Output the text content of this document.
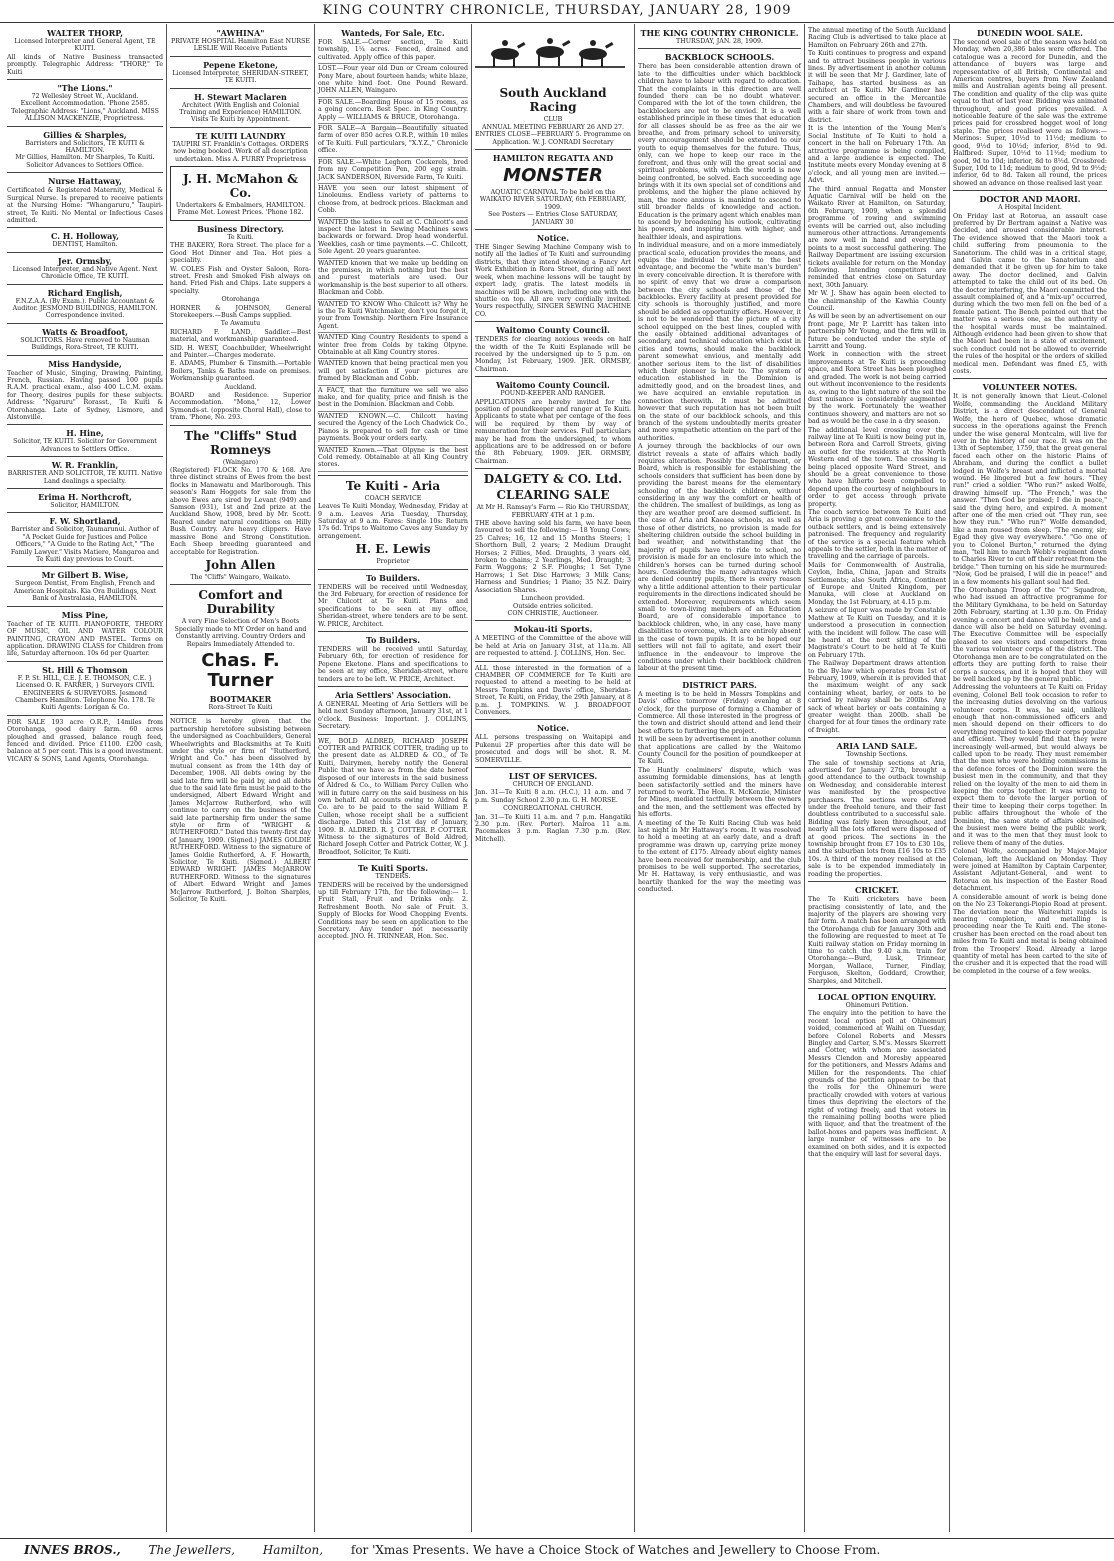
KING COUNTRY CHRONICLE, THURSDAY, JANUARY 28, 1909
WALTER THORP,
Licensed Interpreter and General Agent, TE KUITI.
All kinds of Native Business transacted promptly. Telegraphic Address: "THORP," Te Kuiti
"The Lions."
72 Wellesley Street W., Auckland.
Excellent Accommodation. 'Phone 2585. Telegraphic Address: "Lions," Auckland. MISS ALLISON MACKENZIE, Proprietress.
Gillies & Sharples,
Barristers and Solicitors, TE KUITI & HAMILTON.
Mr Gillies, Hamilton. Mr Sharples, Te Kuiti. Solicitor Advances to Settlers Office.
Nurse Hattaway,
Certificated & Registered Maternity, Medical & Surgical Nurse. Is prepared to receive patients at the Nursing Home: "Whangaruru," Taupiri-street, Te Kuiti. No Mental or Infectious Cases admitted.
C. H. Holloway,
DENTIST, Hamilton.
Jer. Ormsby,
Licensed Interpreter, and Native Agent. Next Chronicle Office, TE KUITI.
Richard English,
F.N.Z.A.A. (By Exam.). Public Accountant & Auditor. JESMOND BUILDINGS, HAMILTON. Correspondence invited.
Watts & Broadfoot,
SOLICITORS. Have removed to Nauman Buildings, Rora-Street, TE KUITI.
Miss Handyside,
Teacher of Music, Singing, Drawing, Painting, French, Russian. Having passed 100 pupils R.A.M. practical exam., also 400 L.C.M. exam. for Theory, desires pupils for these subjects. Address: "Ngaruru" Rorasst., Te Kuiti & Otorohanga. Late of Sydney, Lismore, and Alstonville.
H. Hine,
Solicitor, TE KUITI. Solicitor for Government Advances to Settlers Office.
W. R. Franklin,
BARRISTER AND SOLICITOR, TE KUITI. Native Land dealings a specialty.
Erima H. Northcroft,
Solicitor, HAMILTON.
F. W. Shortland,
Barrister and Solicitor, Taumarunui. Author of "A Pocket Guide for Justices and Police Officers," "A Guide to the Rating Act," "The Family Lawyer." Visits Matiere, Mangaroa and Te Kuiti day previous to Court.
Mr Gilbert B. Wise,
Surgeon Dentist, From English, French and American Hospitals. Kia Ora Buildings, Next Bank of Australasia, HAMILTON.
Miss Pine,
Teacher of TE KUITI. PIANOFORTE, THEORY OF MUSIC, OIL AND WATER COLOUR PAINTING, CRAYON AND PASTEL. Terms on application. DRAWING CLASS for Children from life, Saturday afternoon. 10s 6d per Quarter.
St. Hill & Thomson
F. P. St. HILL, C.E. J. E. THOMSON, C.E. } Licensed O. R. FARRER, } Surveyors CIVIL ENGINEERS & SURVEYORS. Jesmond Chambers Hamilton. Telephone No. 178. Te Kuiti Agents: Lorigan & Co.
FOR SALE 193 acre O.R.P., 14miles from Otorohanga, good dairy farm. 60 acres ploughed and grassed, balance rough feed, fenced and divided. Price £1100. £200 cash, balance at 5 per cent. This is a good investment. VICARY & SONS, Land Agents, Otorohanga.
"AWHINA"
PRIVATE HOSPITAL Hamilton East NURSE LESLIE Will Receive Patients
Pepene Eketone,
Licensed Interpreter, SHERIDAN-STREET, TE KUITI.
H. Stewart Maclaren
Architect (With English and Colonial Training and Experience) HAMILTON. Visits Te Kuiti by Appointment.
TE KUITI LAUNDRY
TAUPIRI ST. Franklin's Cottages. ORDERS now being booked. Work of all description undertaken. Miss A. FURRY Proprietress
J. H. McMahon & Co.
Undertakers & Embalmers, HAMILTON. Frame Met. Lowest Prices. 'Phone 182.
Business Directory.
Te Kuiti.
THE BAKERY, Rora Street. The place for a Good Hot Dinner and Tea. Hot pies a speciality.
W. COLES Fish and Oyster Saloon, Rora-street. Fresh and Smoked Fish always on hand. Fried Fish and Chips. Late suppers a specialty.
Otorohanga
HORNER & JOHNSON, General Storekeepers.—Bush Camps supplied.
Te Awamutu
RICHARD F. LAND, Saddler.—Best material, and workmanship guaranteed.
SID. H. WEST, Coachbuilder, Wheelwright and Painter.—Charges moderate.
E. ADAMS, Plumber & Tinsmith.—Portable Boilers, Tanks & Baths made on premises. Workmanship guaranteed.
Auckland.
BOARD and Residence. Superior Accommodation. "Mona," 12, Lower Symonds-st. (opposite Choral Hall), close to tram. 'Phone, No. 293.
The "Cliffs" Stud Romneys
(Waingaro)
(Registered) FLOCK No. 170 & 168. Are three distinct strains of Ewes from the best flocks in Manawatu and Marlborough. This season's Ram Hoggets for sale from the above Ewes are sired by Levant (949) and Samson (931), 1st and 2nd prize at the Auckland Show, 1908, bred by Mr. Scott. Reared under natural conditions on Hilly Bush Country. Are heavy clippers. Have massive Bone and Strong Constitution. Each Sheep breeding guaranteed and acceptable for Registration.
John Allen
The "Cliffs" Waingaro, Waikato.
Comfort and Durability
A very Fine Selection of Men's Boots Specially made to MY Order on hand and Constantly arriving. Country Orders and Repairs Immediately Attended to.
Chas. F. Turner
BOOTMAKER
Rora-Street Te Kuiti
NOTICE is hereby given that the partnership heretofore subsisting between the undersigned as Coachbuilders, General Wheelwrights and Blacksmiths at Te Kuiti under the style or firm of "Rutherford, Wright and Co." has been dissolved by mutual consent as from the 14th day of December, 1908. All debts owing by the said late firm will be paid by, and all debts due to the said late firm must be paid to the undersigned, Albert Edward Wright and James McJarrow Rutherford, who will continue to carry on the business of the said late partnership firm under the same style or firm of "WRIGHT & RUTHERFORD." Dated this twenty-first day of January, 1909. (Signed.) JAMES GOLDIE RUTHERFORD. Witness to the signature of James Goldie Rutherford, A. F. Howarth, Solicitor, Te Kuiti. (Signed.) ALBERT EDWARD WRIGHT. JAMES McJARROW RUTHERFORD. Witness to the signatures of Albert Edward Wright and James McJarrow Rutherford, J. Bolton Sharples, Solicitor, Te Kuiti.
Wanteds, For Sale, Etc.
FOR SALE.—Corner section, Te Kuiti township, 1¼ acres. Fenced, drained and cultivated. Apply office of this paper.
LOST.—Four year old Dun or Cream coloured Pony Mare, about fourteen hands; white blaze, one white hind foot. One Pound Reward. JOHN ALLEN, Waingaro.
FOR SALE.—Boarding House of 15 rooms, as a going concern. Best Spec. in King Country. Apply — WILLIAMS & BRUCE, Otorohanga.
FOR SALE—A Bargain—Beautifully situated farm of over 850 acres O.R.P., within 10 miles of Te Kuiti. Full particulars, "X.Y.Z.," Chronicle office.
FOR SALE.—White Leghorn Cockerels, bred from my Competition Pen, 200 egg strain. JACK SANDERSON, Riverside Farm, Te Kuiti.
HAVE you seen our latest shipment of Linoleums. Endless variety of patterns to choose from, at bedrock prices. Blackman and Cobb.
WANTED the ladies to call at C. Chilcott's and inspect the latest in Sewing Machines sews backwards or forward. Drop head wonderful. Weeklies, cash or time payments.—C. Chilcott, Sole Agent. 20 years guarantee.
WANTED known that we make up bedding on the premises, in which nothing but the best and purest materials are used. Our workmanship is the best superior to all others. Blackman and Cobb.
WANTED TO KNOW Who Chilcott is? Why he is the Te Kuiti Watchmaker, don't you forget it, your from Township. Northern Fire Insurance Agent.
WANTED King Country Residents to spend a winter free from Colds by taking Olpyne. Obtainable at all King Country stores.
WANTED known that being practical men you will get satisfaction if your pictures are framed by Blackman and Cobb.
A FACT, that the furniture we sell we also make, and for quality, price and finish is the best in the Dominion. Blackman and Cobb.
WANTED KNOWN.—C. Chilcott having secured the Agency of the Loch Chadwick Co., Pianos is prepared to sell for cash or time payments. Book your orders early.
WANTED Known.—That Olpyne is the best Cold remedy. Obtainable at all King Country stores.
Te Kuiti - Aria
COACH SERVICE
Leaves Te Kuiti Monday, Wednesday, Friday at 9 a.m. Leaves Aria Tuesday, Thursday, Saturday at 9 a.m. Fares: Single 10s: Return 17s 6d. Trips to Waitomo Caves any Sunday by arrangement.
H. E. Lewis
Proprietor
To Builders.
TENDERS will be received until Wednesday, the 3rd February, for erection of residence for Mr Chilcott at Te Kuiti. Plans and specifications to be seen at my office, Sheridan-street, where tenders are to be sent. W. PRICE, Architect.
To Builders.
TENDERS will be received until Saturday, February 6th, for erection of residence for Pepene Eketone. Plans and specifications to be seen at my office, Sheridan-street, where tenders are to be left. W. PRICE, Architect.
Aria Settlers' Association.
A GENERAL Meeting of Aria Settlers will be held next Sunday afternoon, January 31st, at 1 o'clock. Business: Important. J. COLLINS, Secretary.
WE, BOLD ALDRED, RICHARD JOSEPH COTTER and PATRICK COTTER, trading up to the present date as ALDRED & CO., of Te Kuiti, Dairymen, hereby notify the General Public that we have as from the date hereof disposed of our interests in the said business of Aldred & Co., to William Percy Cullen who will in future carry on the said business on his own behalf. All accounts owing to Aldred & Co. are to be paid to the said William P. Cullen, whose receipt shall be a sufficient discharge. Dated this 21st day of January, 1909. B. ALDRED. R. J. COTTER. P. COTTER. Witness to the signatures of Bold Aldred, Richard Joseph Cotter and Patrick Cotter, W. J. Broadfoot, Solicitor, Te Kuiti.
Te Kuiti Sports.
TENDERS.
TENDERS will be received by the undersigned up till February 17th, for the following:— 1. Fruit Stall, Fruit and Drinks only. 2. Refreshment Booth. No sale of Fruit. 3. Supply of Blocks for Wood Chopping Events. Conditions may be seen on application to the Secretary. Any tender not necessarily accepted. JNO. H. TRINNEAR, Hon. Sec.
South Auckland Racing
CLUB
ANNUAL MEETING FEBRUARY 26 AND 27. ENTRIES CLOSE—FEBRUARY 5. Programme on Application. W. J. CONRADI Secretary
HAMILTON REGATTA AND
MONSTER
AQUATIC CARNIVAL To be held on the WAIKATO RIVER SATURDAY, 6th FEBRUARY, 1909.
See Posters — Entries Close SATURDAY, JANUARY 30
Notice.
THE Singer Sewing Machine Company wish to notify all the ladies of Te Kuiti and surrounding districts, that they intend showing a Fancy Art Work Exhibition in Rora Street, during all next week, when machine lessons will be taught by expert lady, gratis. The latest models in machines will be shown, including one with the shuttle on top. All are very cordially invited. Yours respectfully, SINGER SEWING MACHINE CO.
Waitomo County Council.
TENDERS for clearing noxious weeds on half the width of the Te Kuiti Esplanade will be received by the undersigned up to 5 p.m. on Monday, 1st February, 1909. JER. ORMSBY, Chairman.
Waitomo County Council.
POUND-KEEPER AND RANGER.
APPLICATIONS are hereby invited for the position of poundkeeper and ranger at Te Kuiti. Applicants to state what per centage of the fees will be required by them by way of remuneration for their services. Full particulars may be had from the undersigned, to whom applications are to be addressed on or before the 8th February, 1909. JER. ORMSBY, Chairman.
DALGETY & CO. Ltd.
CLEARING SALE
At Mr H. Ramsay's Farm — Rio Kio THURSDAY, FEBRUARY 4TH at 1 p.m.
THE above having sold his farm, we have been favoured to sell the following:— 18 Young Cows; 25 Calves; 16, 12 and 15 Months Steers; 1 Shorthorn Bull, 2 years; 2 Medium Draught Horses; 2 Fillies, Med. Draughts, 3 years old, broken to chains; 2 Yearlings, Med. Draught; 3 Farm Waggons; 2 S.F. Ploughs; 1 Set Tyne Harrows; 1 Set Disc Harrows; 3 Milk Cans; Harness and Sundries; 1 Piano; 35 N.Z. Dairy Association Shares.
Luncheon provided.
Outside entries solicited.
CON CHRISTIE, Auctioneer.
Mokau-iti Sports.
A MEETING of the Committee of the above will be held at Aria on January 31st, at 11a.m. All are requested to attend. J. COLLINS, Hon. Sec.
ALL those interested in the formation of a CHAMBER OF COMMERCE for Te Kuiti are requested to attend a meeting to be held at Messrs Tompkins and Davis' office, Sheridan-Street, Te Kuiti, on Friday, the 29th January, at 8 p.m. J. TOMPKINS. W. J. BROADFOOT Conveners.
Notice.
ALL persons trespassing on Waitapipi and Pukenui 2F properties after this date will be prosecuted and dogs will be shot. R. M. SOMERVILLE.
LIST OF SERVICES.
CHURCH OF ENGLAND.
Jan. 31—Te Kuiti 8 a.m. (H.C.), 11 a.m. and 7 p.m. Sunday School 2.30 p.m. G. H. MORSE.
CONGREGATIONAL CHURCH.
Jan. 31—Te Kuiti 11 a.m. and 7 p.m. Hangatiki 2.30 p.m. (Rev. Porter). Mairoa 11 a.m. Pacemakes 3 p.m. Raglan 7.30 p.m. (Rev. Mitchell).
THE KING COUNTRY CHRONICLE.
THURSDAY, JAN. 28, 1909.
BACKBLOCK SCHOOLS.
There has been considerable attention drawn of late to the difficulties under which backblock children have to labour with regard to education. That the complaints in this direction are well founded there can be no doubt whatever. Compared with the lot of the town children, the backblockers are not to be envied. It is a well established principle in these times that education for all classes should be as free as the air we breathe, and from primary school to university, every encouragement should be extended to our youth to equip themselves for the future. Thus, only, can we hope to keep our race in the forefront, and thus only will the great social and spiritual problems, with which the world is now being confronted, be solved. Each succeeding age brings with it its own special set of conditions and problems, and the higher the plane achieved by man, the more anxious is mankind to ascend to still broader fields of knowledge and action. Education is the primary agent which enables man to ascend by broadening his outlook, cultivating his powers, and inspiring him with higher, and healthier ideals, and aspirations.
In individual measure, and on a more immediately practical scale, education provides the means, and equips the individual to work to the best advantage, and become the "white man's burden" in every conceivable direction. It is therefore with no spirit of envy that we draw a comparison between the city schools and those of the backblocks. Every facility at present provided for city schools is thoroughly justified, and more should be added as opportunity offers. However, it is not to be wondered that the picture of a city school equipped on the best lines, coupled with the easily obtained additional advantages of secondary, and technical education which exist in cities and towns, should make the backblock parent somewhat envious, and mentally add another serious item to the list of disabilities which their pioneer is heir to. The system of education established in the Dominion is admittedly good, and on the broadest lines, and we have acquired an enviable reputation in connection therewith. It must be admitted however that such reputation has not been built on the state of our backblock schools, and this branch of the system undoubtedly merits greater and more sympathetic attention on the part of the authorities.
A journey through the backblocks of our own district reveals a state of affairs which badly requires alteration. Possibly the Department, or Board, which is responsible for establishing the schools considers that sufficient has been done by providing the barest means for the elementary schooling of the backblock children, without considering in any way the comfort or health of the children. The smallest of buildings, as long as they are weather proof are deemed sufficient. In the case of Aria and Kaeaea schools, as well as those of other districts, no provision is made for sheltering children outside the school building in bad weather, and notwithstanding that the majority of pupils have to ride to school, no provision is made for an enclosure into which the children's horses can be turned during school hours. Considering the many advantages which are denied country pupils, there is every reason why a little additional attention to their particular requirements in the directions indicated should be extended. Moreover, requirements which seem small to town-living members of an Education Board, are of considerable importance to backblock children, who, in any case, have many disabilities to overcome, which are entirely absent in the case of town pupils. It is to be hoped our settlers will not fail to agitate, and exert their influence in the endeavour to improve the conditions under which their backblock children labour at the present time.
DISTRICT PARS.
A meeting is to be held in Messrs Tompkins and Davis' office tomorrow (Friday) evening at 8 o'clock, for the purpose of forming a Chamber of Commerce. All those interested in the progress of the town and district should attend and lend their best efforts to furthering the project.
It will be seen by advertisement in another column that applications are called by the Waitomo County Council for the position of poundkeeper at Te Kuiti.
The Huntly coalminers' dispute, which was assuming formidable dimensions, has at length been satisfactorily settled and the miners have returned to work. The Hon. R. McKenzie, Minister for Mines, mediated tactfully between the owners and the men, and the settlement was effected by his efforts.
A meeting of the Te Kuiti Racing Club was held last night in Mr Hattaway's room. It was resolved to hold a meeting at an early date, and a draft programme was drawn up, carrying prize money to the extent of £175. Already about eighty names have been received for membership, and the club promises to be well supported. The secretaries, Mr H. Hattaway, is very enthusiastic, and was heartily thanked for the way the meeting was conducted.
The annual meeting of the South Auckland Racing Club is advertised to take place at Hamilton on February 26th and 27th.
Te Kuiti continues to progress and expand and to attract business people in various lines. By advertisement in another column it will be seen that Mr J. Gardiner, late of Taihape, has started business as an architect at Te Kuiti. Mr Gardiner has secured an office in the Mercantile Chambers, and will doubtless be favoured with a fair share of work from town and district.
It is the intention of the Young Men's Social Institute of Te Kuiti to hold a concert in the hall on February 17th. An attractive programme is being compiled, and a large audience is expected. The Institute meets every Monday evening at 8 o'clock, and all young men are invited.—Advt.
The third annual Regatta and Monster Aquatic Carnival will be held on the Waikato River at Hamilton, on Saturday, 6th February, 1909, when a splendid programme of rowing and swimming events will be carried out, also including numerous other attractions. Arrangements are now well in hand and everything points to a most successful gathering. The Railway Department are issuing excursion tickets available for return on the Monday following. Intending competitors are reminded that entries close on Saturday next, 30th January.
Mr W. J. Shaw has again been elected to the chairmanship of the Kawhia County Council.
As will be seen by an advertisement on our front page, Mr P. Larritt has taken into partnership Mr Young, and the firm will in future be conducted under the style of Larritt and Young.
Work in connection with the street improvements at Te Kuiti is proceeding apace, and Rora Street has been ploughed and graded. The work is not being carried out without inconvenience to the residents as, owing to the light nature of the soil the dust nuisance is considerably augmented by the work. Fortunately the weather continues showery, and matters are not so bad as would be the case in a dry season.
The additional level crossing over the railway line at Te Kuiti is now being put in, between Rora and Carroll Streets, giving an outlet for the residents at the North Western end of the town. The crossing is being placed opposite Ward Street, and should be a great convenience to those who have hitherto been compelled to depend upon the courtesy of neighbours in order to get access through private property.
The coach service between Te Kuiti and Aria is proving a great convenience to the outback settlers, and is being extensively patronised. The frequency and regularity of the service is a special feature which appeals to the settler, both in the matter of travelling and the carriage of parcels.
Mails for Commonwealth of Australia, Ceylon, India, China, Japan and Straits Settlements; also South Africa, Continent of Europe and United Kingdom, per Manuka, will close at Auckland on Monday, the 1st February, at 4.15 p.m.
A seizure of liquor was made by Constable Mathew at Te Kuiti on Tuesday, and it is understood a prosecution in connection with the incident will follow. The case will be heard at the next sitting of the Magistrate's Court to be held at Te Kuiti on February 17th.
The Railway Department draws attention to the By-law which operates from 1st of February, 1909, wherein it is provided that the maximum weight of any sack containing wheat, barley, or oats to be carried by railway shall be 200lbs. Any sack of wheat barley or oats containing a greater weight than 200lb. shall be charged for at four times the ordinary rate of freight.
ARIA LAND SALE.
Township Sections.
The sale of township sections at Aria, advertised for January 27th, brought a good attendance to the outback township on Wednesday, and considerable interest was manifested by the prospective purchasers. The sections were offered under the freehold tenure, and their fast doubtless contributed to a successful sale. Bidding was fairly keen throughout, and nearly all the lots offered were disposed of at good prices. The sections in the township brought from £7 10s to £30 10s, and the suburban lots from £16 10s to £35 10s. A third of the money realised at the sale is to be expended immediately in roading the properties.
CRICKET.
The Te Kuiti cricketers have been practising consistently of late, and the majority of the players are showing very fair form. A match has been arranged with the Otorohanga club for January 30th and the following are requested to meet at Te Kuiti railway station on Friday morning in time to catch the 9.40 a.m. train for Otorohanga:—Burd, Lusk, Trinnear, Morgan, Wallace, Turner, Findlay, Ferguson, Skelton, Goddard, Crowther, Sharples, and Mitchell.
LOCAL OPTION ENQUIRY.
Ohinemuri Petition.
The enquiry into the petition to have the recent local option poll at Ohinemuri voided, commenced at Waihi on Tuesday, before Colonel Roberts and Messrs Bingley and Carter, S.M's. Messrs Skerrett and Cotter, with whom are associated Messrs Clendon and Moresby appeared for the petitioners, and Messrs Adams and Millen for the respondents. The chief grounds of the petition appear to be that the rolls for the Ohinemuri were practically crowded with voters at various times thus depriving the electors of the right of voting freely, and that voters in the remaining polling booths were plied with liquor, and that the treatment of the ballot-boxes and papers was inefficient. A large number of witnesses are to be examined on both sides, and it is expected that the enquiry will last for several days.
DUNEDIN WOOL SALE.
The second wool sale of the season was held on Monday, when 20,386 bales were offered. The catalogue was a record for Dunedin, and the attendance of buyers was large and representative of all British, Continental and American centres, buyers from New Zealand mills and Australian agents being all present. The condition and quality of the clip was quite equal to that of last year. Bidding was animated throughout, and good prices prevailed. A noticeable feature of the sale was the extreme prices paid for crossbred hogget wool of long staple. The prices realised were as follows:—Merinos: Super, 10½d to 11½d; medium to good, 9½d to 10½d; inferior, 8½d to 9d. Halfbred: Super, 10½d to 11½d; medium to good, 9d to 10d; inferior, 8d to 8½d. Crossbred: Super, 10d to 11d; medium to good, 9d to 9½d; inferior, 6d to 8d. Taken all round, the prices showed an advance on those realised last year.
DOCTOR AND MAORI.
A Hospital Incident.
On Friday last at Rotorua, an assault case preferred by Dr Bertram against a Native was decided, and aroused considerable interest. The evidence showed that the Maori took a child suffering from pneumonia to the Sanatorium. The child was in a critical stage, and Galvin came to the Sanatorium and demanded that it be given up for him to take away. The doctor declined, and Galvin attempted to take the child out of its bed. On the doctor interfering, the Maori committed the assault complained of, and a "mix-up" occurred, during which the two men fell on the bed of a female patient. The Bench pointed out that the matter was a serious one, as the authority of the hospital wards must be maintained. Although evidence had been given to show that the Maori had been in a state of excitement, such conduct could not be allowed to override the rules of the hospital or the orders of skilled medical men. Defendant was fined £5, with costs.
VOLUNTEER NOTES.
It is not generally known that Lieut.-Colonel Wolfe, commanding the Auckland Military District, is a direct descendant of General Wolfe, the hero of Quebec, whose dramatic success in the operations against the French under the wise general Montcalm, will live for ever in the history of our race. It was on the 13th of September, 1759, that the great general faced each other on the historic Plains of Abraham, and during the conflict a bullet lodged in Wolfe's breast and inflicted a mortal wound. He lingered but a few hours. "They run!" cried a soldier. "Who run?" asked Wolfe, drawing himself up. "The French," was the answer. "Then God be praised; I die in peace," said the dying hero, and expired. A moment after one of the men cried out "They run, see how they run." "Who run?" Wolfe demanded, like a man roused from sleep. "The enemy, sir; Egad they give way everywhere." "Go one of you to Colonel Burton," returned the dying man, "tell him to march Webb's regiment down to Charles River to cut off their retreat from the bridge." Then turning on his side he murmured: "Now, God be praised, I will die in peace!" and in a few moments his gallant soul had fled.
The Otorohanga Troop of the "C" Squadron, who had issued an attractive programme for the Military Gymkhana, to be held on Saturday 20th February, starting at 1.30 p.m. On Friday evening a concert and dance will be held, and a dance will also be held on Saturday evening. The Executive Committee will be especially pleased to see visitors and competitors from the various volunteer corps of the district. The Otorohanga men are to be congratulated on the efforts they are putting forth to raise their corps a success, and it is hoped that they will be well backed up by the general public.
Addressing the volunteers at Te Kuiti on Friday evening, Colonel Bell took occasion to refer to the increasing duties devolving on the various volunteer corps. It was, he said, unlikely enough that non-commissioned officers and men should depend on their officers to do everything required to keep their corps popular and efficient. They would find that they were increasingly well-armed, but would always be called upon to be ready. They must remember that the men who were holding commissions in the defence forces of the Dominion were the busiest men in the community, and that they relied on the loyalty of the men to aid them in keeping the corps together. It was wrong to expect them to devote the larger portion of their time to keeping their corps together. In public affairs throughout the whole of the Dominion, the same state of affairs obtained; the busiest men were being the public work, and it was to the men that they must look to relieve them of many of the duties.
Colonel Wolfe, accompanied by Major-Major Coleman, left the Auckland on Monday. They were joined at Hamilton by Captain Carpenter, Assistant Adjutant-General, and went to Rotorua on his inspection of the Easter Road detachment.
A considerable amount of work is being done on the No 23 Tokerangi-Piopio Road at present. The deviation near the Waitewhiti rapids is nearing completion, and metalling is proceeding near the Te Kuiti end. The stone-crusher has been erected on the road about ten miles from Te Kuiti and metal is being obtained from the Troopers' Road. Already a large quantity of metal has been carted to the site of the crusher and it is expected that the road will be completed in the course of a few weeks.
INNES BROS., The Jewellers, Hamilton, for 'Xmas Presents. We have a Choice Stock of Watches and Jewellery to Choose From.
